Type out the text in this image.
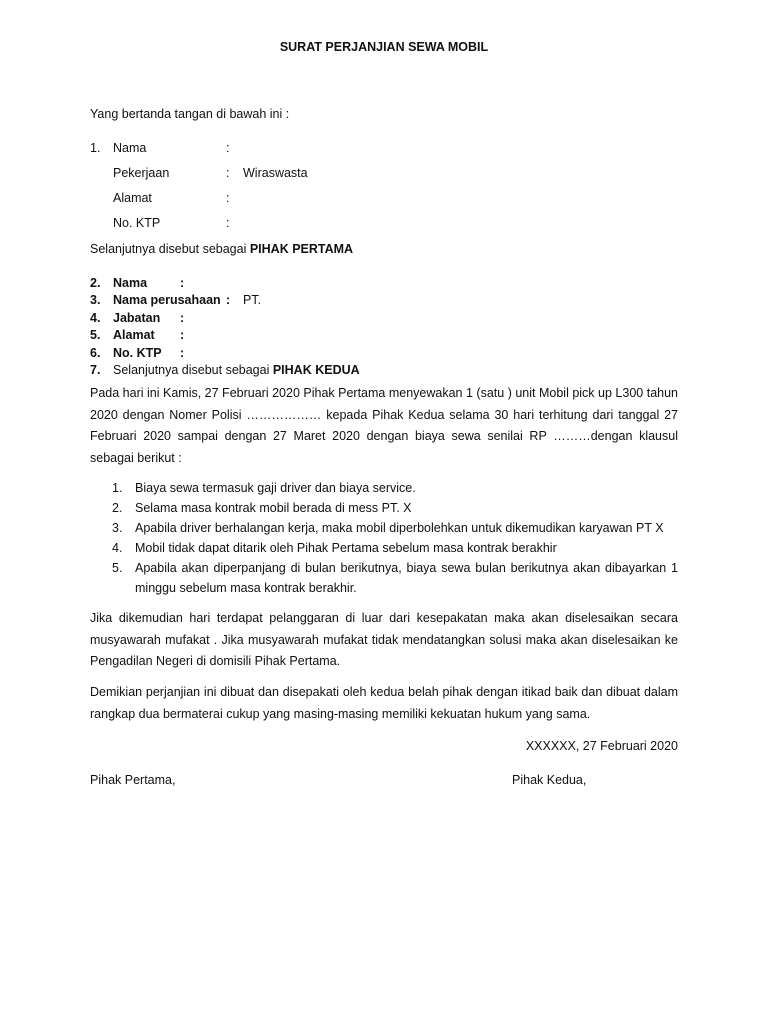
SURAT PERJANJIAN SEWA MOBIL
Yang bertanda tangan di bawah ini :
1. Nama	:
Pekerjaan	: Wiraswasta
Alamat	:
No. KTP	:
Selanjutnya disebut sebagai PIHAK PERTAMA
2. Nama	:
3. Nama perusahaan : PT.
4. Jabatan :
5. Alamat :
6. No. KTP :
7. Selanjutnya disebut sebagai PIHAK KEDUA
Pada hari ini Kamis, 27 Februari 2020 Pihak Pertama menyewakan 1 (satu ) unit Mobil pick up L300 tahun 2020 dengan Nomer Polisi ……………… kepada Pihak Kedua selama 30 hari terhitung dari tanggal 27 Februari 2020 sampai dengan 27 Maret 2020 dengan biaya sewa senilai RP ………dengan klausul sebagai berikut :
1. Biaya sewa termasuk gaji driver dan biaya service.
2. Selama masa kontrak mobil berada di mess PT. X
3. Apabila driver berhalangan kerja, maka mobil diperbolehkan untuk dikemudikan karyawan PT X
4. Mobil tidak dapat ditarik oleh Pihak Pertama sebelum masa kontrak berakhir
5. Apabila akan diperpanjang di bulan berikutnya, biaya sewa bulan berikutnya akan dibayarkan 1 minggu sebelum masa kontrak berakhir.
Jika dikemudian hari terdapat pelanggaran di luar dari kesepakatan maka akan diselesaikan secara musyawarah mufakat . Jika musyawarah mufakat tidak mendatangkan solusi maka akan diselesaikan ke Pengadilan Negeri di domisili Pihak Pertama.
Demikian perjanjian ini dibuat dan disepakati oleh kedua belah pihak dengan itikad baik dan dibuat dalam rangkap dua bermaterai cukup yang masing-masing memiliki kekuatan hukum yang sama.
XXXXXX, 27 Februari 2020
Pihak Pertama,	Pihak Kedua,
